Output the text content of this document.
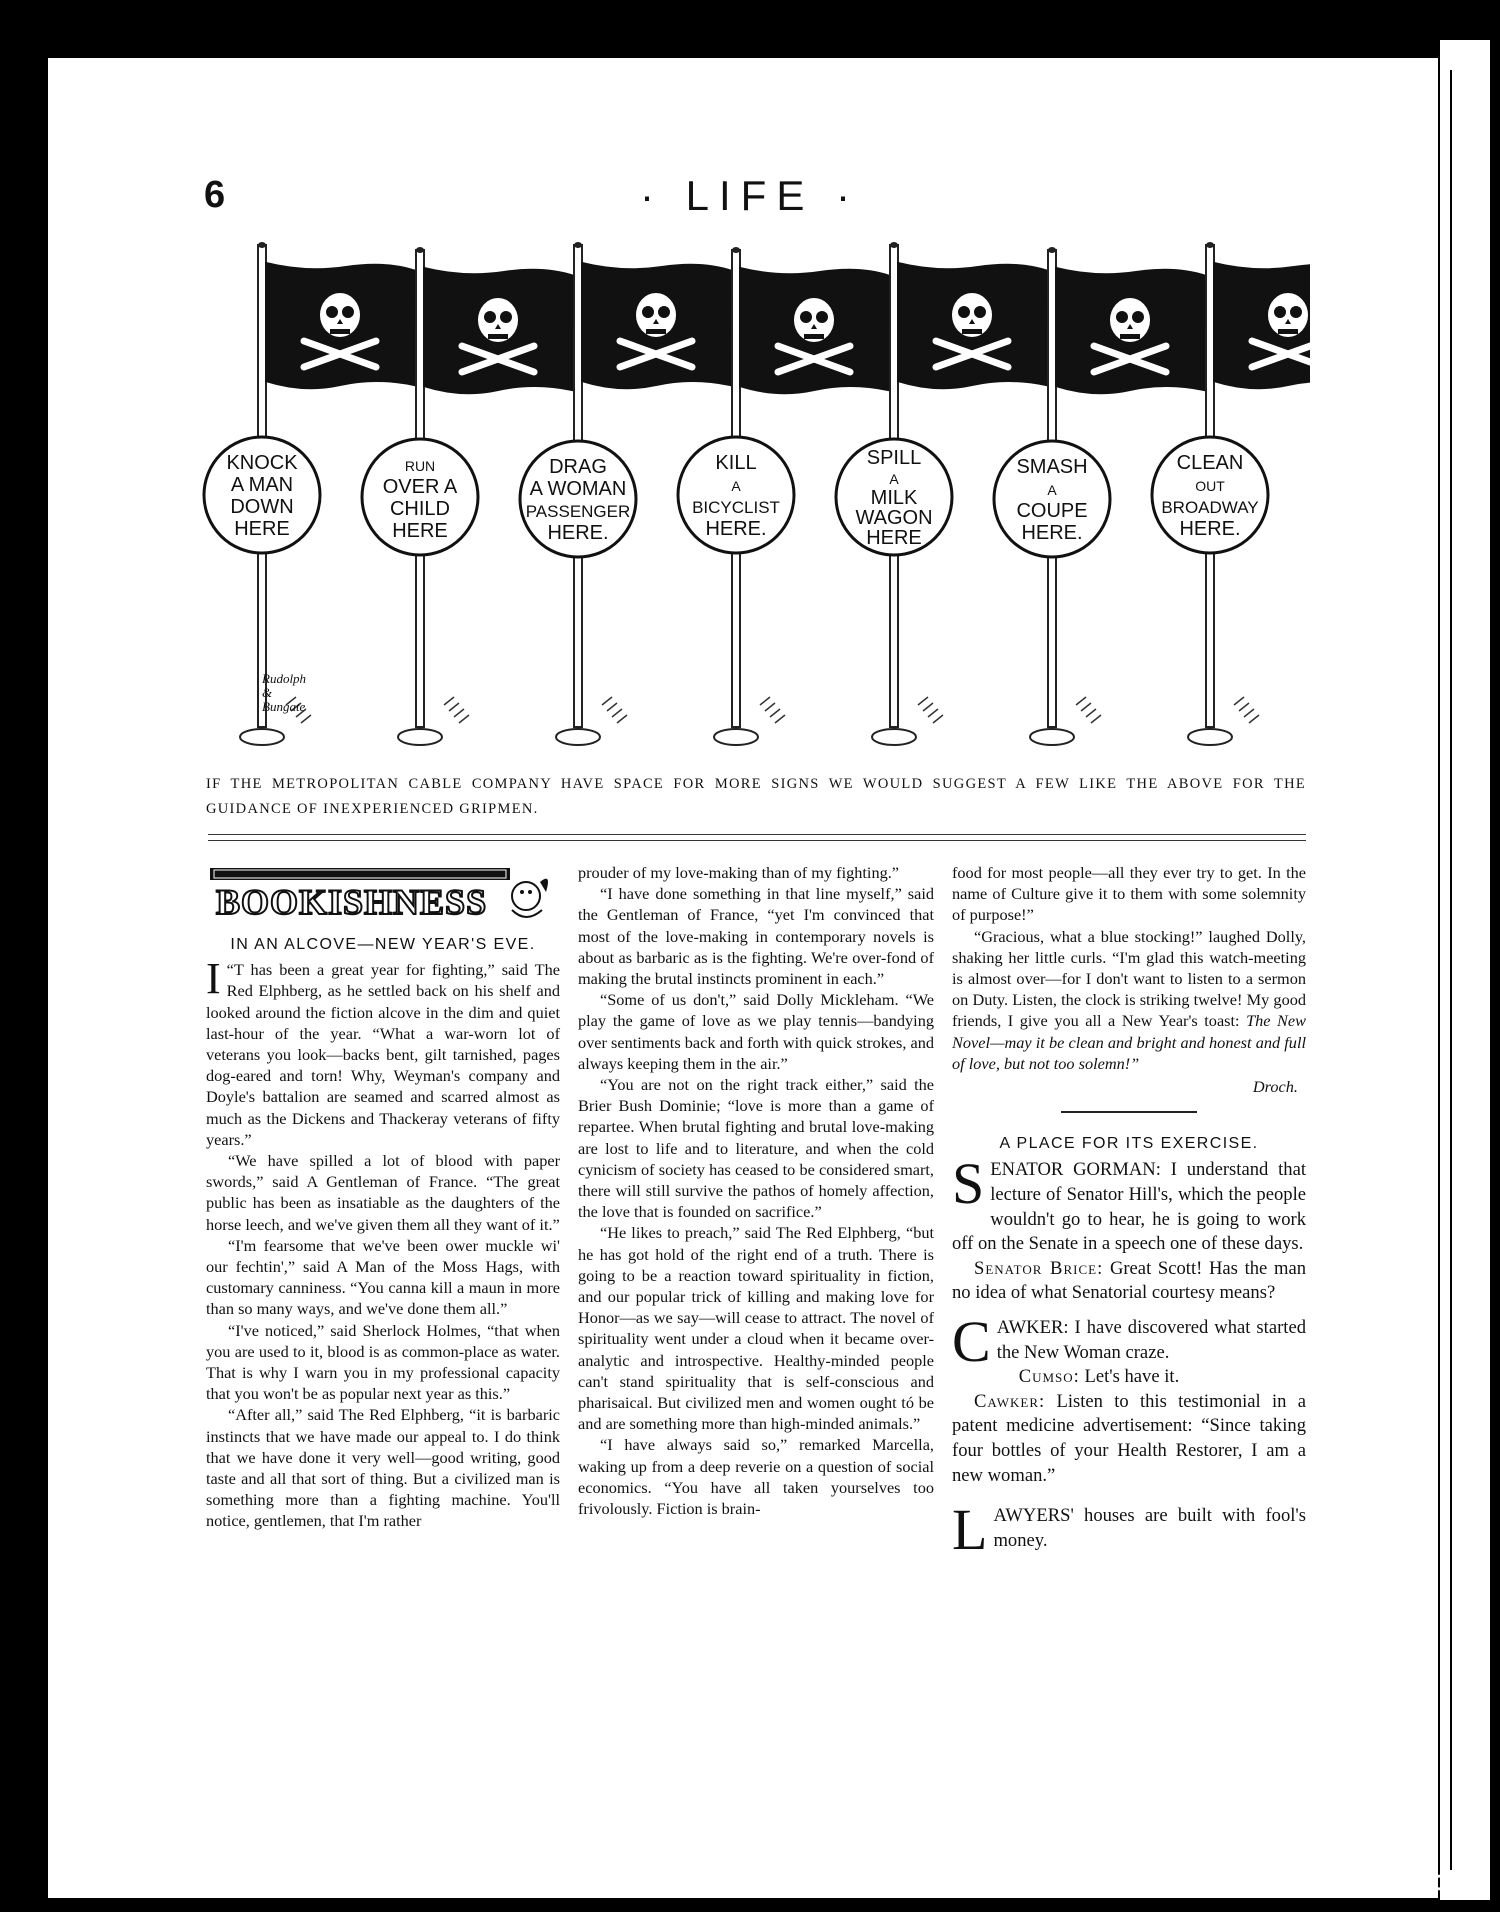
6	· LIFE ·
KNOCK
A MAN
DOWN
HERE
RUN
OVER A
CHILD
HERE
DRAG
A WOMAN
PASSENGER
HERE.
KILL
A
BICYCLIST
HERE.
SPILL
A
MILK
WAGON
HERE
SMASH
A
COUPE
HERE.
CLEAN
OUT
BROADWAY
HERE.
Rudolph
&
Bungate
IF THE METROPOLITAN CABLE COMPANY HAVE SPACE FOR MORE SIGNS WE WOULD SUGGEST A FEW LIKE THE ABOVE FOR THE GUIDANCE OF INEXPERIENCED GRIPMEN.
BOOKISHNESS
IN AN ALCOVE—NEW YEAR'S EVE.

“
I T has been a great year for fighting,” said The Red Elphberg, as he settled back on his shelf and looked around the fiction alcove in the dim and quiet last-hour of the year. “What a war-worn lot of veterans you look—backs bent, gilt tarnished, pages dog-eared and torn! Why, Weyman's company and Doyle's battalion are seamed and scarred almost as much as the Dickens and Thackeray veterans of fifty years.”

“We have spilled a lot of blood with paper swords,” said A Gentleman of France. “The great public has been as insatiable as the daughters of the horse leech, and we've given them all they want of it.”

“I'm fearsome that we've been ower muckle wi' our fechtin',” said A Man of the Moss Hags, with customary canniness. “You canna kill a maun in more than so many ways, and we've done them all.”

“I've noticed,” said Sherlock Holmes, “that when you are used to it, blood is as common-place as water. That is why I warn you in my professional capacity that you won't be as popular next year as this.”

“After all,” said The Red Elphberg, “it is barbaric instincts that we have made our appeal to. I do think that we have done it very well—good writing, good taste and all that sort of thing. But a civilized man is something more than a fighting machine. You'll notice, gentlemen, that I'm rather

prouder of my love-making than of my fighting.”

“I have done something in that line myself,” said the Gentleman of France, “yet I'm convinced that most of the love-making in contemporary novels is about as barbaric as is the fighting. We're over-fond of making the brutal instincts prominent in each.”

“Some of us don't,” said Dolly Mickleham. “We play the game of love as we play tennis—bandying over sentiments back and forth with quick strokes, and always keeping them in the air.”

“You are not on the right track either,” said the Brier Bush Dominie; “love is more than a game of repartee. When brutal fighting and brutal love-making are lost to life and to literature, and when the cold cynicism of society has ceased to be considered smart, there will still survive the pathos of homely affection, the love that is founded on sacrifice.”

“He likes to preach,” said The Red Elphberg, “but he has got hold of the right end of a truth. There is going to be a reaction toward spirituality in fiction, and our popular trick of killing and making love for Honor—as we say—will cease to attract. The novel of spirituality went under a cloud when it became over-analytic and introspective. Healthy-minded people can't stand spirituality that is self-conscious and pharisaical. But civilized men and women ought tó be and are something more than high-minded animals.”

“I have always said so,” remarked Marcella, waking up from a deep reverie on a question of social economics. “You have all taken yourselves too frivolously. Fiction is brain-

food for most people—all they ever try to get. In the name of Culture give it to them with some solemnity of purpose!”

“Gracious, what a blue stocking!” laughed Dolly, shaking her little curls. “I'm glad this watch-meeting is almost over—for I don't want to listen to a sermon on Duty. Listen, the clock is striking twelve! My good friends, I give you all a New Year's toast: The New Novel—may it be clean and bright and honest and full of love, but not too solemn!”

Droch.

A PLACE FOR ITS EXERCISE.

SENATOR GORMAN: I understand that lecture of Senator Hill's, which the people wouldn't go to hear, he is going to work off on the Senate in a speech one of these days.

Senator Brice: Great Scott! Has the man no idea of what Senatorial courtesy means?

CAWKER: I have discovered what started the New Woman craze.

Cumso: Let's have it.

Cawker: Listen to this testimonial in a patent medicine advertisement: “Since taking four bottles of your Health Restorer, I am a new woman.”

LAWYERS' houses are built with fool's money.

comicbooks.com
